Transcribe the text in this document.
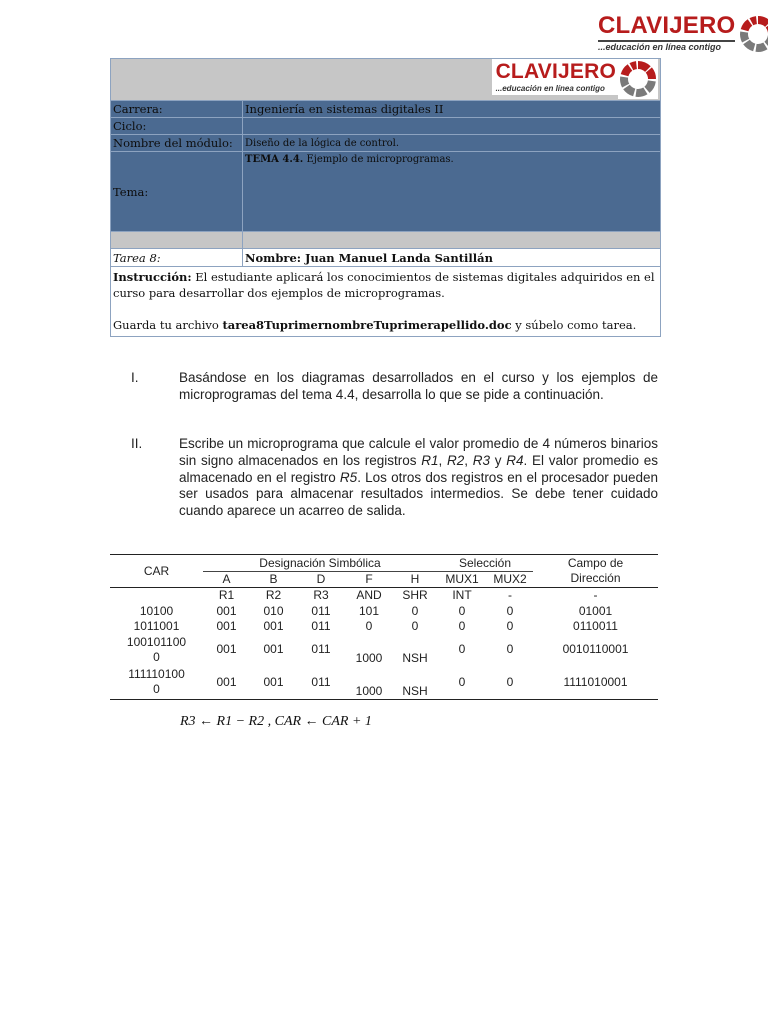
CLAVIJERO
...educación en línea contigo
CLAVIJERO
...educación en línea contigo	

Carrera:	Ingeniería en sistemas digitales II
Ciclo:	
Nombre del módulo:	Diseño de la lógica de control.
Tema:	TEMA 4.4. Ejemplo de microprogramas.

Tarea 8:	Nombre: Juan Manuel Landa Santillán

Instrucción: El estudiante aplicará los conocimientos de sistemas digitales adquiridos en el curso para desarrollar dos ejemplos de microprogramas.

Guarda tu archivo tarea8TuprimernombreTuprimerapellido.doc y súbelo como tarea.	

I.	Basándose en los diagramas desarrollados en el curso y los ejemplos de microprogramas del tema 4.4, desarrolla lo que se pide a continuación.
II.	Escribe un microprograma que calcule el valor promedio de 4 números binarios sin signo almacenados en los registros R1, R2, R3 y R4. El valor promedio es almacenado en el registro R5. Los otros dos registros en el procesador pueden ser usados para almacenar resultados intermedios. Se debe tener cuidado cuando aparece un acarreo de salida.
CAR	Designación Simbólica					Selección		Campo de
Dirección

	A	B	D	F	H	MUX1	MUX2	
	R1	R2	R3	AND	SHR	INT	-	-
10100	001	010	011	101	0	0	0	01001
1011001	001	001	011	0	0	0	0	0110011
100101100 0	001	001	011	1000	NSH	0	0	0010110001
111110100 0	001	001	011	1000	NSH	0	0	1111010001
R3 ← R1 − R2 , CAR ← CAR + 1
